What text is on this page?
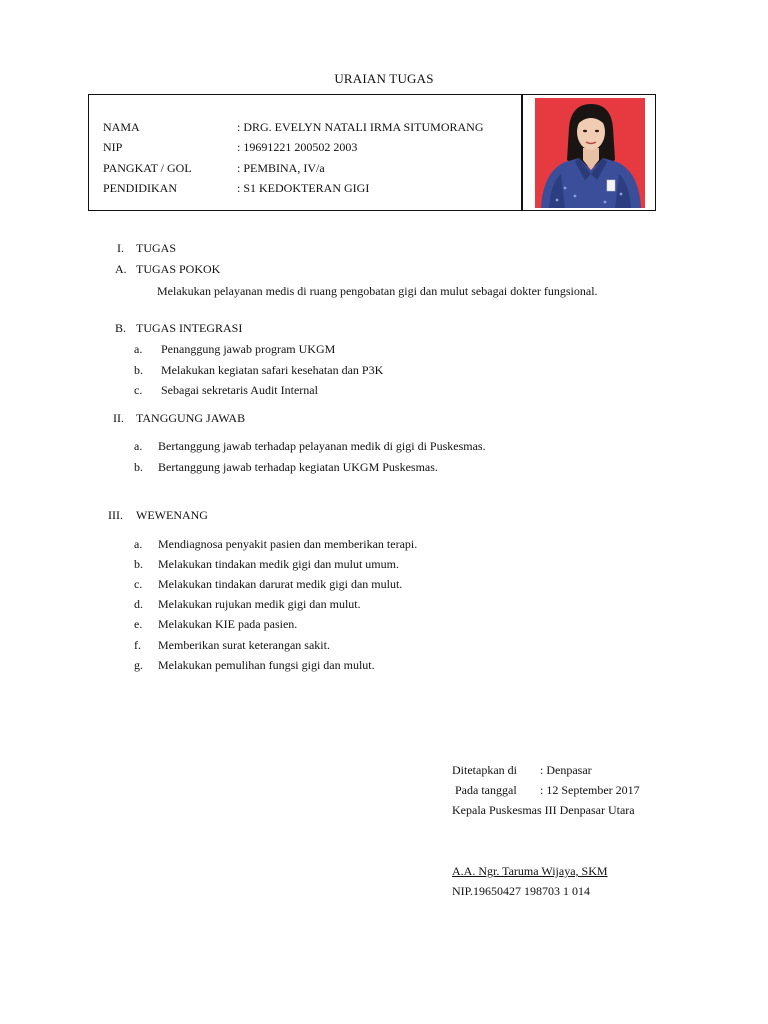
URAIAN TUGAS
NAMA	: DRG. EVELYN NATALI IRMA SITUMORANG
NIP	: 19691221 200502 2003
PANGKAT / GOL	: PEMBINA, IV/a
PENDIDIKAN	: S1 KEDOKTERAN GIGI
I. TUGAS
A. TUGAS POKOK
Melakukan pelayanan medis di ruang pengobatan gigi dan mulut sebagai dokter fungsional.
B. TUGAS INTEGRASI
a. Penanggung jawab program UKGM
b. Melakukan kegiatan safari kesehatan dan P3K
c. Sebagai sekretaris Audit Internal
II. TANGGUNG JAWAB
a. Bertanggung jawab terhadap pelayanan medik di gigi di Puskesmas.
b. Bertanggung jawab terhadap kegiatan UKGM Puskesmas.
III. WEWENANG
a. Mendiagnosa penyakit pasien dan memberikan terapi.
b. Melakukan tindakan medik gigi dan mulut umum.
c. Melakukan tindakan darurat medik gigi dan mulut.
d. Melakukan rujukan medik gigi dan mulut.
e. Melakukan KIE pada pasien.
f. Memberikan surat keterangan sakit.
g. Melakukan pemulihan fungsi gigi dan mulut.
Ditetapkan di : Denpasar
Pada tanggal : 12 September 2017
Kepala Puskesmas III Denpasar Utara
A.A. Ngr. Taruma Wijaya, SKM
NIP.19650427 198703 1 014
